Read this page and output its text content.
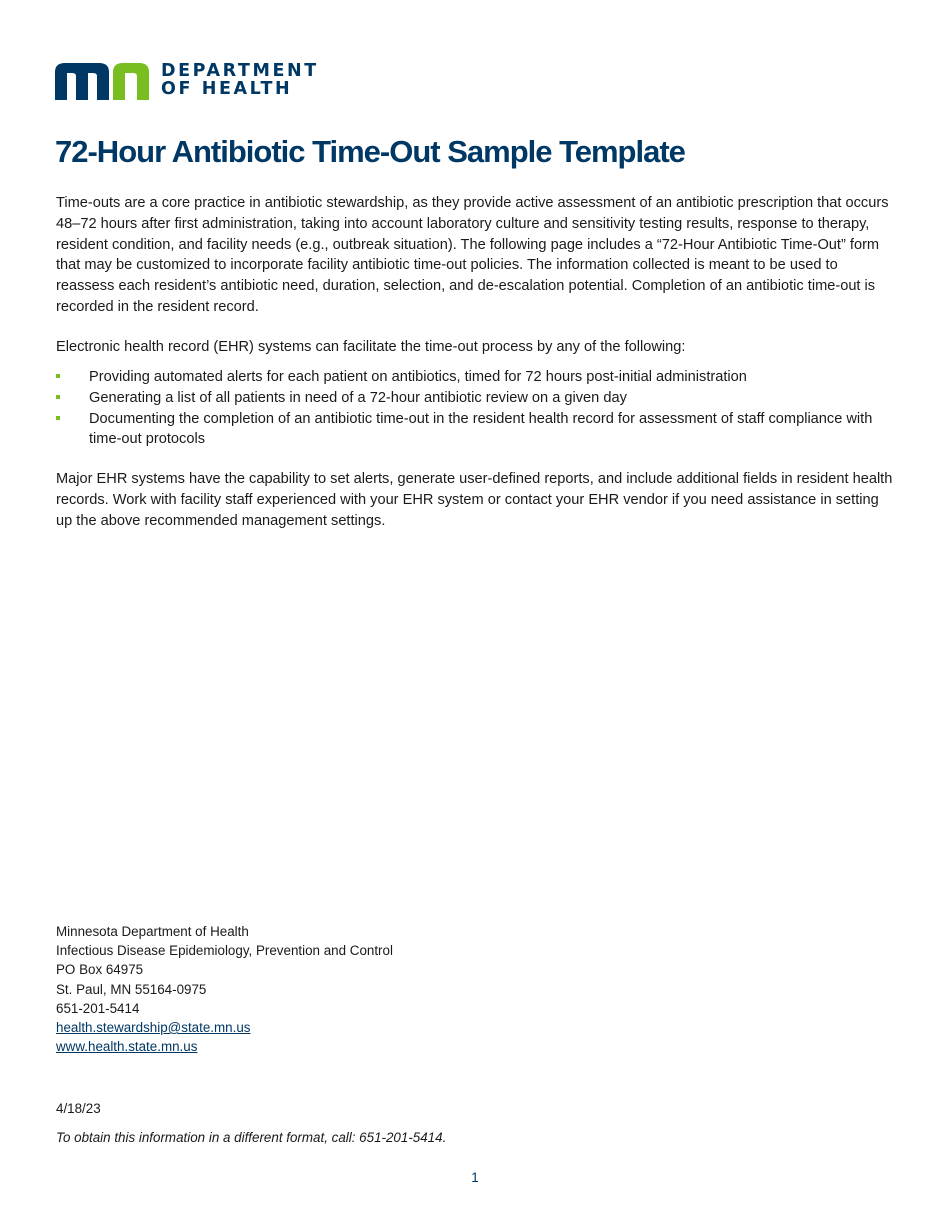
DEPARTMENT
OF HEALTH
72-Hour Antibiotic Time-Out Sample Template
Time-outs are a core practice in antibiotic stewardship, as they provide active assessment of an antibiotic prescription that occurs 48–72 hours after first administration, taking into account laboratory culture and sensitivity testing results, response to therapy, resident condition, and facility needs (e.g., outbreak situation). The following page includes a “72-Hour Antibiotic Time-Out” form that may be customized to incorporate facility antibiotic time-out policies. The information collected is meant to be used to reassess each resident’s antibiotic need, duration, selection, and de-escalation potential. Completion of an antibiotic time-out is recorded in the resident record.
Electronic health record (EHR) systems can facilitate the time-out process by any of the following:
Providing automated alerts for each patient on antibiotics, timed for 72 hours post-initial administration
Generating a list of all patients in need of a 72-hour antibiotic review on a given day
Documenting the completion of an antibiotic time-out in the resident health record for assessment of staff compliance with time-out protocols
Major EHR systems have the capability to set alerts, generate user-defined reports, and include additional fields in resident health records. Work with facility staff experienced with your EHR system or contact your EHR vendor if you need assistance in setting up the above recommended management settings.
Minnesota Department of Health
Infectious Disease Epidemiology, Prevention and Control
PO Box 64975
St. Paul, MN 55164-0975
651-201-5414
health.stewardship@state.mn.us
www.health.state.mn.us
4/18/23
To obtain this information in a different format, call: 651-201-5414.
1
